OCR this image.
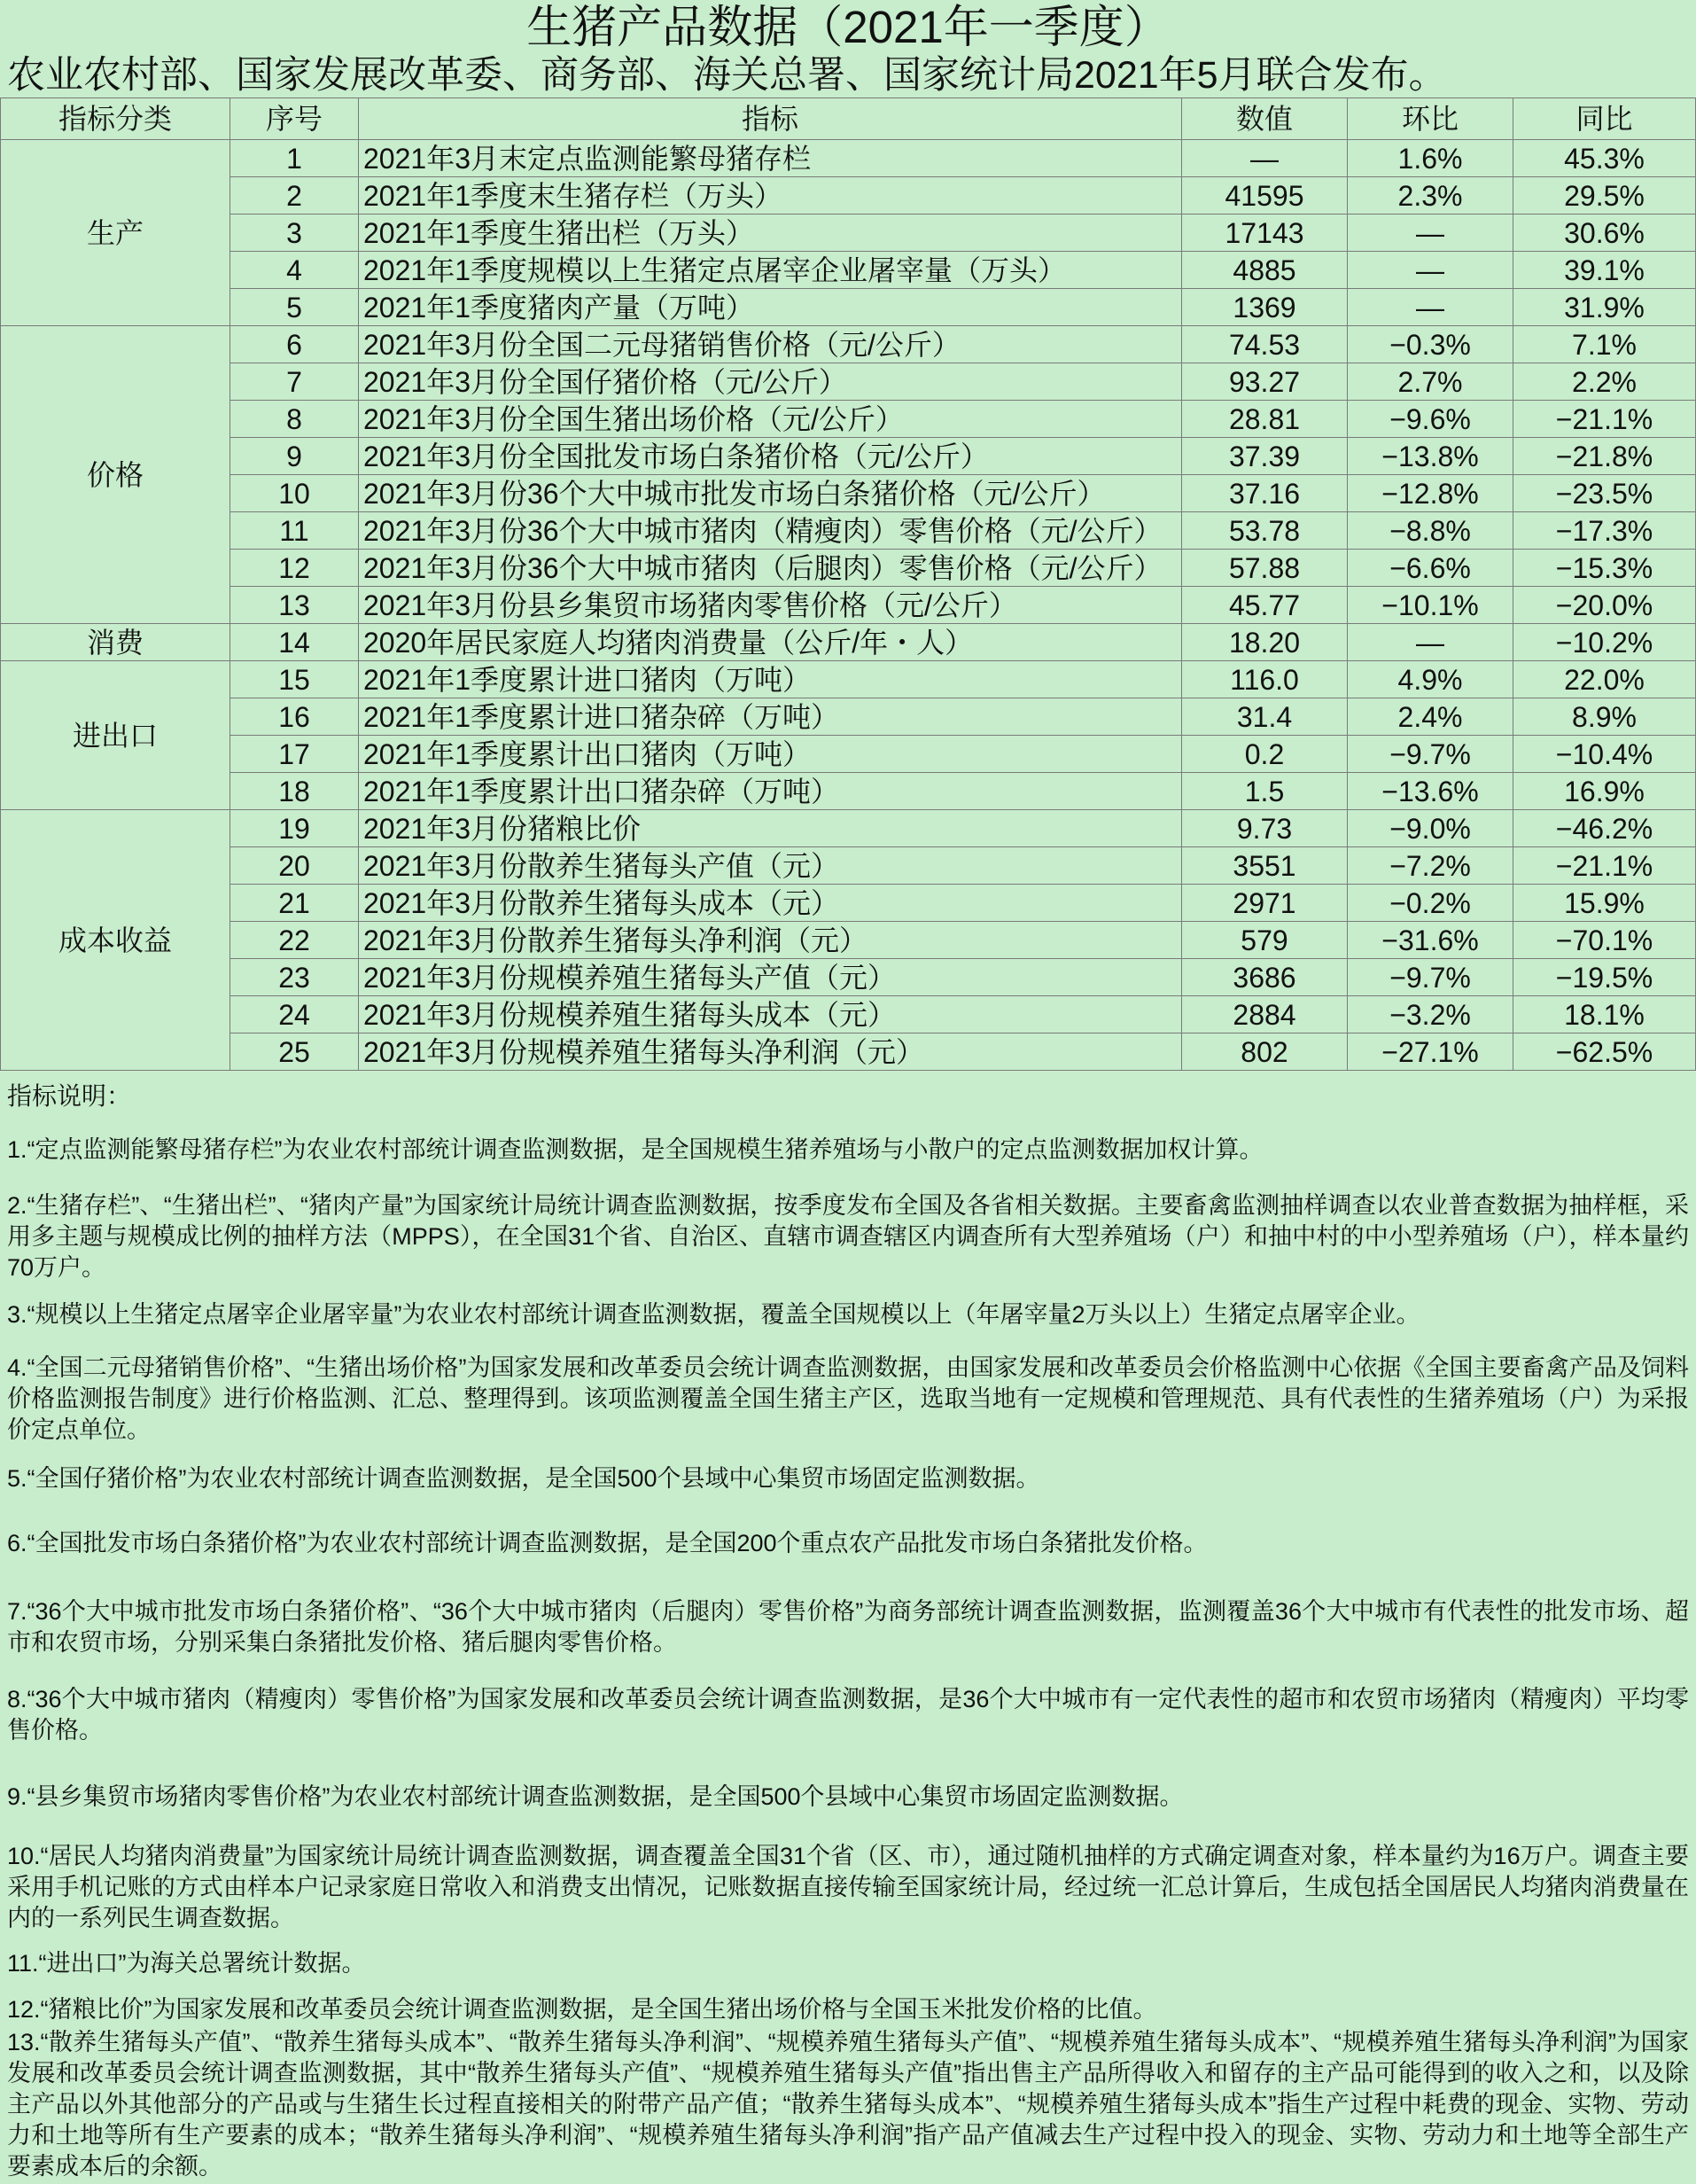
生猪产品数据（2021年一季度）
农业农村部、国家发展改革委、商务部、海关总署、国家统计局2021年5月联合发布。
指标分类	序号	指标	数值	环比	同比
生产	1	2021年3月末定点监测能繁母猪存栏	—	1.6%	45.3%
	2	2021年1季度末生猪存栏（万头）	41595	2.3%	29.5%
	3	2021年1季度生猪出栏（万头）	17143	—	30.6%
	4	2021年1季度规模以上生猪定点屠宰企业屠宰量（万头）	4885	—	39.1%
	5	2021年1季度猪肉产量（万吨）	1369	—	31.9%
价格	6	2021年3月份全国二元母猪销售价格（元/公斤）	74.53	−0.3%	7.1%
	7	2021年3月份全国仔猪价格（元/公斤）	93.27	2.7%	2.2%
	8	2021年3月份全国生猪出场价格（元/公斤）	28.81	−9.6%	−21.1%
	9	2021年3月份全国批发市场白条猪价格（元/公斤）	37.39	−13.8%	−21.8%
	10	2021年3月份36个大中城市批发市场白条猪价格（元/公斤）	37.16	−12.8%	−23.5%
	11	2021年3月份36个大中城市猪肉（精瘦肉）零售价格（元/公斤）	53.78	−8.8%	−17.3%
	12	2021年3月份36个大中城市猪肉（后腿肉）零售价格（元/公斤）	57.88	−6.6%	−15.3%
	13	2021年3月份县乡集贸市场猪肉零售价格（元/公斤）	45.77	−10.1%	−20.0%
消费	14	2020年居民家庭人均猪肉消费量（公斤/年・人）	18.20	—	−10.2%
进出口	15	2021年1季度累计进口猪肉（万吨）	116.0	4.9%	22.0%
	16	2021年1季度累计进口猪杂碎（万吨）	31.4	2.4%	8.9%
	17	2021年1季度累计出口猪肉（万吨）	0.2	−9.7%	−10.4%
	18	2021年1季度累计出口猪杂碎（万吨）	1.5	−13.6%	16.9%
成本收益	19	2021年3月份猪粮比价	9.73	−9.0%	−46.2%
	20	2021年3月份散养生猪每头产值（元）	3551	−7.2%	−21.1%
	21	2021年3月份散养生猪每头成本（元）	2971	−0.2%	15.9%
	22	2021年3月份散养生猪每头净利润（元）	579	−31.6%	−70.1%
	23	2021年3月份规模养殖生猪每头产值（元）	3686	−9.7%	−19.5%
	24	2021年3月份规模养殖生猪每头成本（元）	2884	−3.2%	18.1%
	25	2021年3月份规模养殖生猪每头净利润（元）	802	−27.1%	−62.5%
指标说明：

1.“定点监测能繁母猪存栏”为农业农村部统计调查监测数据，是全国规模生猪养殖场与小散户的定点监测数据加权计算。

2.“生猪存栏”、“生猪出栏”、“猪肉产量”为国家统计局统计调查监测数据，按季度发布全国及各省相关数据。主要畜禽监测抽样调查以农业普查数据为抽样框，采用多主题与规模成比例的抽样方法（MPPS），在全国31个省、自治区、直辖市调查辖区内调查所有大型养殖场（户）和抽中村的中小型养殖场（户），样本量约70万户。

3.“规模以上生猪定点屠宰企业屠宰量”为农业农村部统计调查监测数据，覆盖全国规模以上（年屠宰量2万头以上）生猪定点屠宰企业。

4.“全国二元母猪销售价格”、“生猪出场价格”为国家发展和改革委员会统计调查监测数据，由国家发展和改革委员会价格监测中心依据《全国主要畜禽产品及饲料价格监测报告制度》进行价格监测、汇总、整理得到。该项监测覆盖全国生猪主产区，选取当地有一定规模和管理规范、具有代表性的生猪养殖场（户）为采报价定点单位。

5.“全国仔猪价格”为农业农村部统计调查监测数据，是全国500个县域中心集贸市场固定监测数据。

6.“全国批发市场白条猪价格”为农业农村部统计调查监测数据，是全国200个重点农产品批发市场白条猪批发价格。

7.“36个大中城市批发市场白条猪价格”、“36个大中城市猪肉（后腿肉）零售价格”为商务部统计调查监测数据，监测覆盖36个大中城市有代表性的批发市场、超市和农贸市场，分别采集白条猪批发价格、猪后腿肉零售价格。

8.“36个大中城市猪肉（精瘦肉）零售价格”为国家发展和改革委员会统计调查监测数据，是36个大中城市有一定代表性的超市和农贸市场猪肉（精瘦肉）平均零售价格。

9.“县乡集贸市场猪肉零售价格”为农业农村部统计调查监测数据，是全国500个县域中心集贸市场固定监测数据。

10.“居民人均猪肉消费量”为国家统计局统计调查监测数据，调查覆盖全国31个省（区、市），通过随机抽样的方式确定调查对象，样本量约为16万户。调查主要采用手机记账的方式由样本户记录家庭日常收入和消费支出情况，记账数据直接传输至国家统计局，经过统一汇总计算后，生成包括全国居民人均猪肉消费量在内的一系列民生调查数据。

11.“进出口”为海关总署统计数据。

12.“猪粮比价”为国家发展和改革委员会统计调查监测数据，是全国生猪出场价格与全国玉米批发价格的比值。

13.“散养生猪每头产值”、“散养生猪每头成本”、“散养生猪每头净利润”、“规模养殖生猪每头产值”、“规模养殖生猪每头成本”、“规模养殖生猪每头净利润”为国家发展和改革委员会统计调查监测数据，其中“散养生猪每头产值”、“规模养殖生猪每头产值”指出售主产品所得收入和留存的主产品可能得到的收入之和，以及除主产品以外其他部分的产品或与生猪生长过程直接相关的附带产品产值；“散养生猪每头成本”、“规模养殖生猪每头成本”指生产过程中耗费的现金、实物、劳动力和土地等所有生产要素的成本；“散养生猪每头净利润”、“规模养殖生猪每头净利润”指产品产值减去生产过程中投入的现金、实物、劳动力和土地等全部生产要素成本后的余额。
